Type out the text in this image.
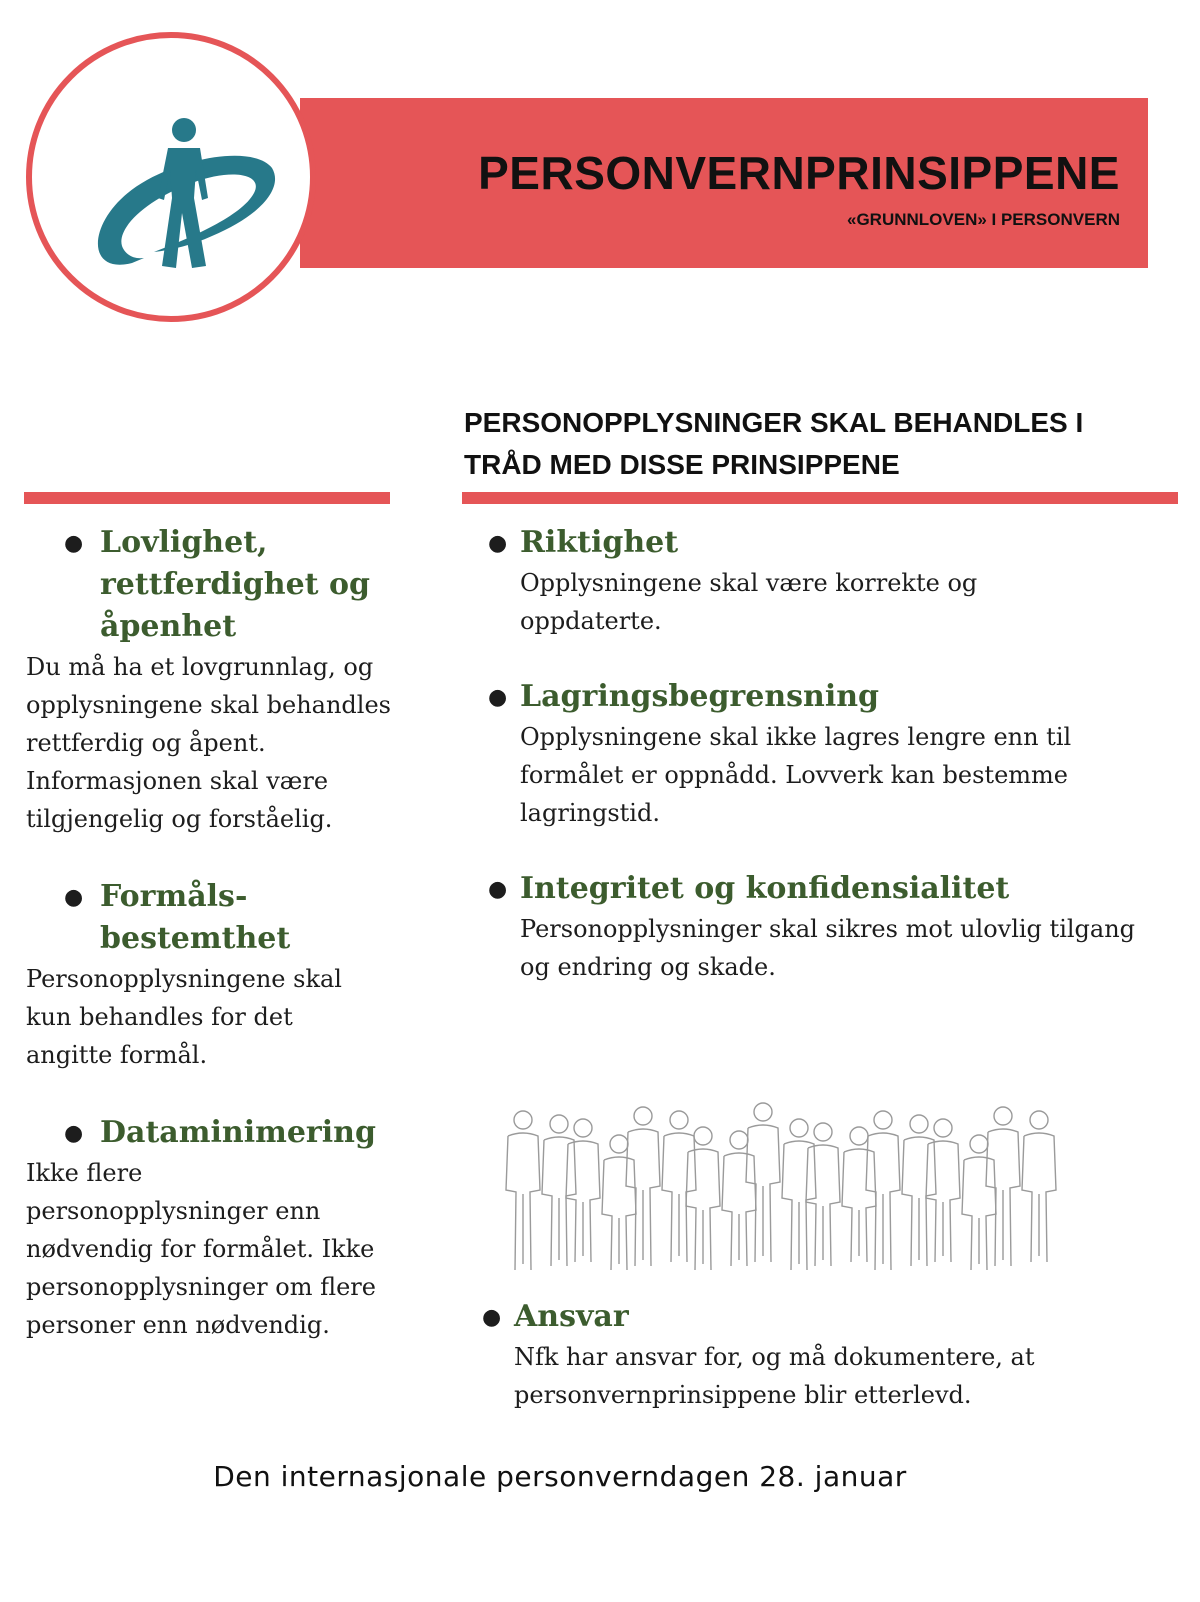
PERSONVERNPRINSIPPENE
«GRUNNLOVEN» I PERSONVERN
PERSONOPPLYSNINGER SKAL BEHANDLES I TRÅD MED DISSE PRINSIPPENE
● Lovlighet, rettferdighet og åpenhet
Du må ha et lovgrunnlag, og opplysningene skal behandles rettferdig og åpent. Informasjonen skal være tilgjengelig og forståelig.
● Formåls-bestemthet
Personopplysningene skal kun behandles for det angitte formål.
● Dataminimering
Ikke flere personopplysninger enn nødvendig for formålet. Ikke personopplysninger om flere personer enn nødvendig.
● Riktighet
Opplysningene skal være korrekte og oppdaterte.
● Lagringsbegrensning
Opplysningene skal ikke lagres lengre enn til formålet er oppnådd. Lovverk kan bestemme lagringstid.
● Integritet og konfidensialitet
Personopplysninger skal sikres mot ulovlig tilgang og endring og skade.
● Ansvar
Nfk har ansvar for, og må dokumentere, at personvernprinsippene blir etterlevd.
Den internasjonale personverndagen 28. januar
